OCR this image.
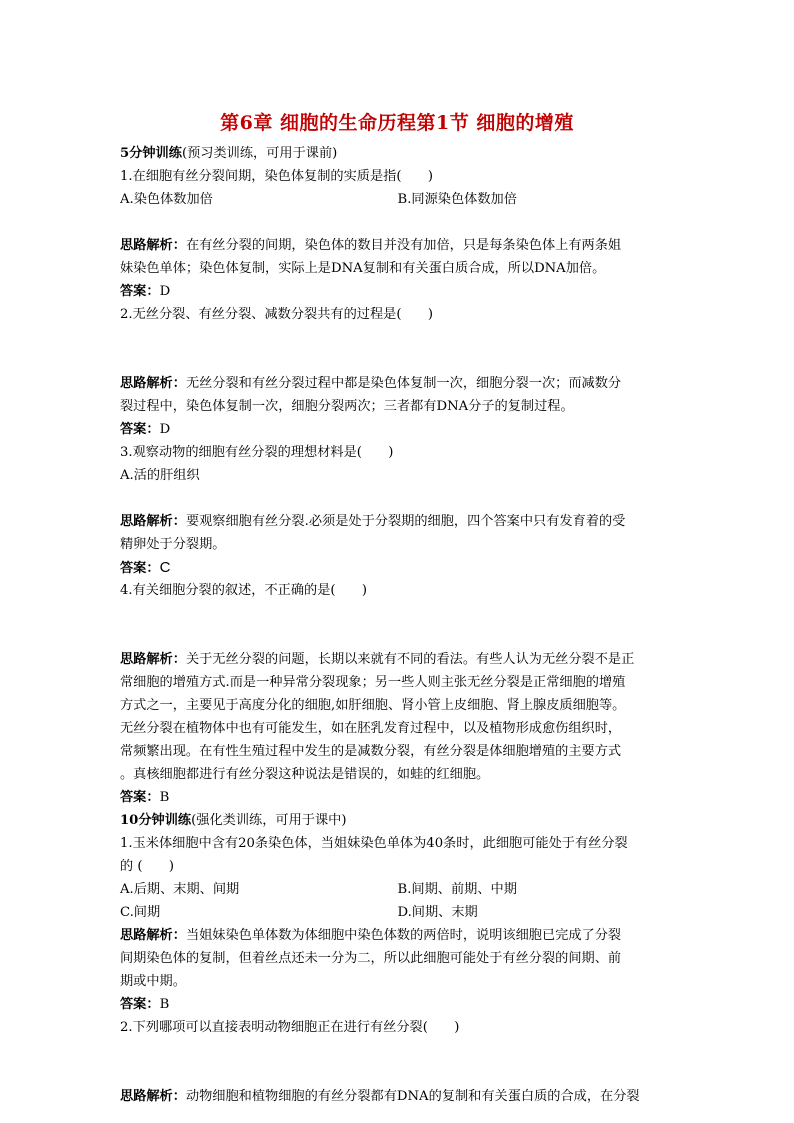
第6章 细胞的生命历程第1节 细胞的增殖
5分钟训练(预习类训练，可用于课前)
1.在细胞有丝分裂间期，染色体复制的实质是指(　　)
A.染色体数加倍	B.同源染色体数加倍
思路解析：在有丝分裂的间期，染色体的数目并没有加倍，只是每条染色体上有两条姐
妹染色单体；染色体复制，实际上是DNA复制和有关蛋白质合成，所以DNA加倍。
答案：D
2.无丝分裂、有丝分裂、减数分裂共有的过程是(　　)
思路解析：无丝分裂和有丝分裂过程中都是染色体复制一次，细胞分裂一次；而减数分
裂过程中，染色体复制一次，细胞分裂两次；三者都有DNA分子的复制过程。
答案：D
3.观察动物的细胞有丝分裂的理想材料是(　　)
A.活的肝组织
思路解析：要观察细胞有丝分裂.必须是处于分裂期的细胞，四个答案中只有发育着的受
精卵处于分裂期。
答案：C
4.有关细胞分裂的叙述，不正确的是(　　)
思路解析：关于无丝分裂的问题，长期以来就有不同的看法。有些人认为无丝分裂不是正
常细胞的增殖方式.而是一种异常分裂现象；另一些人则主张无丝分裂是正常细胞的增殖
方式之一，主要见于高度分化的细胞,如肝细胞、肾小管上皮细胞、肾上腺皮质细胞等。
无丝分裂在植物体中也有可能发生，如在胚乳发育过程中，以及植物形成愈伤组织时，
常频繁出现。在有性生殖过程中发生的是减数分裂，有丝分裂是体细胞增殖的主要方式
。真核细胞都进行有丝分裂这种说法是错误的，如蛙的红细胞。
答案：B
10分钟训练(强化类训练，可用于课中)
1.玉米体细胞中含有20条染色体，当姐妹染色单体为40条时，此细胞可能处于有丝分裂
的 (　　)
A.后期、末期、间期	B.间期、前期、中期
C.间期	D.间期、末期
思路解析：当姐妹染色单体数为体细胞中染色体数的两倍时，说明该细胞已完成了分裂
间期染色体的复制，但着丝点还未一分为二，所以此细胞可能处于有丝分裂的间期、前
期或中期。
答案：B
2.下列哪项可以直接表明动物细胞正在进行有丝分裂(　　)
思路解析：动物细胞和植物细胞的有丝分裂都有DNA的复制和有关蛋白质的合成，在分裂
